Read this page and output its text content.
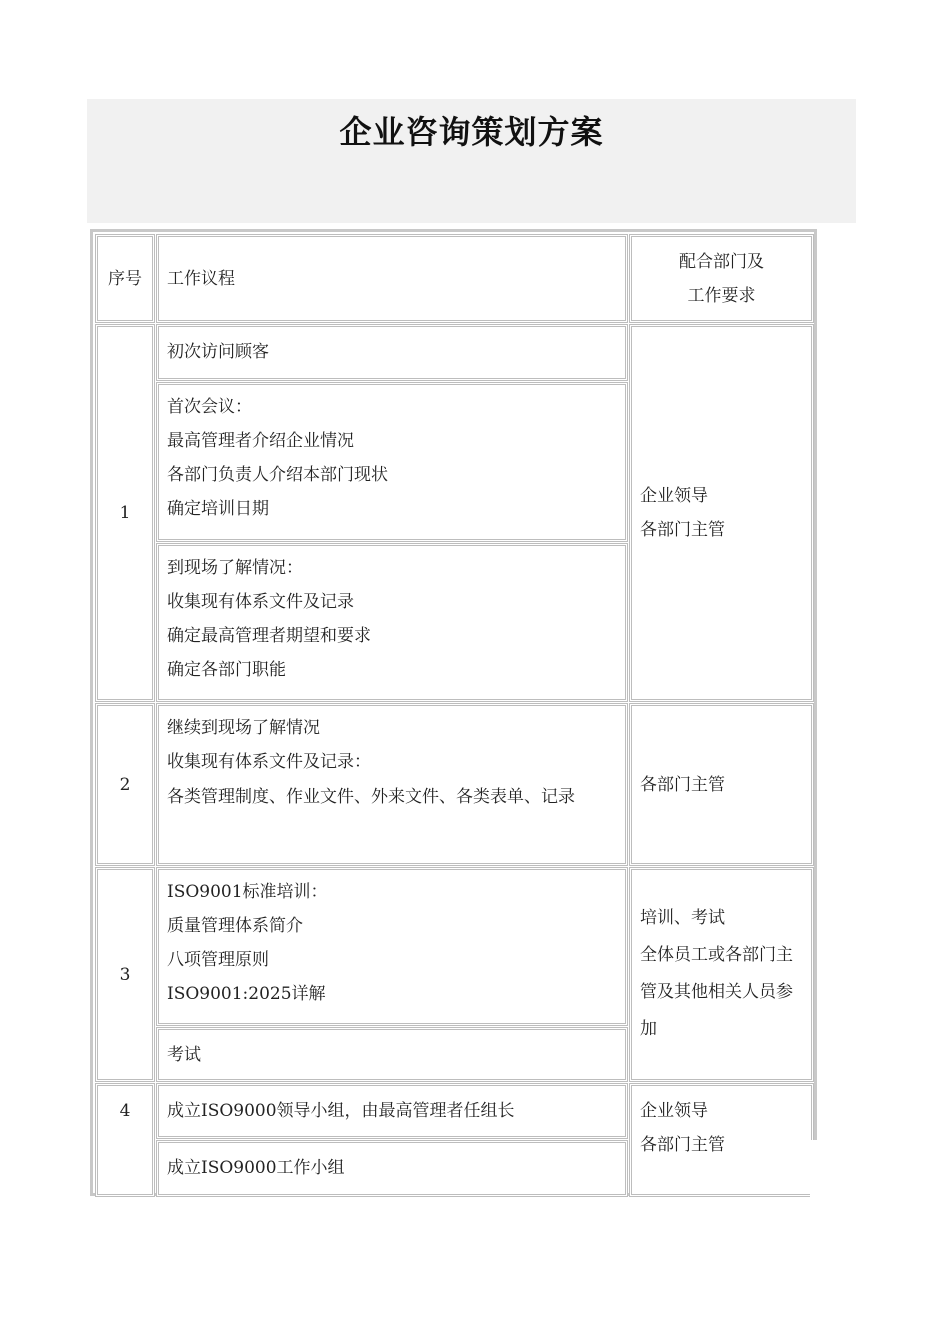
企业咨询策划方案
序号 工作议程
配合部门及
工作要求
1
初次访问顾客
首次会议：
最高管理者介绍企业情况
各部门负责人介绍本部门现状
确定培训日期
到现场了解情况：
收集现有体系文件及记录
确定最高管理者期望和要求
确定各部门职能
企业领导
各部门主管
2
继续到现场了解情况
收集现有体系文件及记录：
各类管理制度、作业文件、外来文件、各类表单、记录
各部门主管
3
ISO9001标准培训：
质量管理体系简介
八项管理原则
ISO9001:2025详解
考试
培训、考试
全体员工或各部门主管及其他相关人员参加
4 成立ISO9000领导小组，由最高管理者任组长
成立ISO9000工作小组
企业领导
各部门主管
